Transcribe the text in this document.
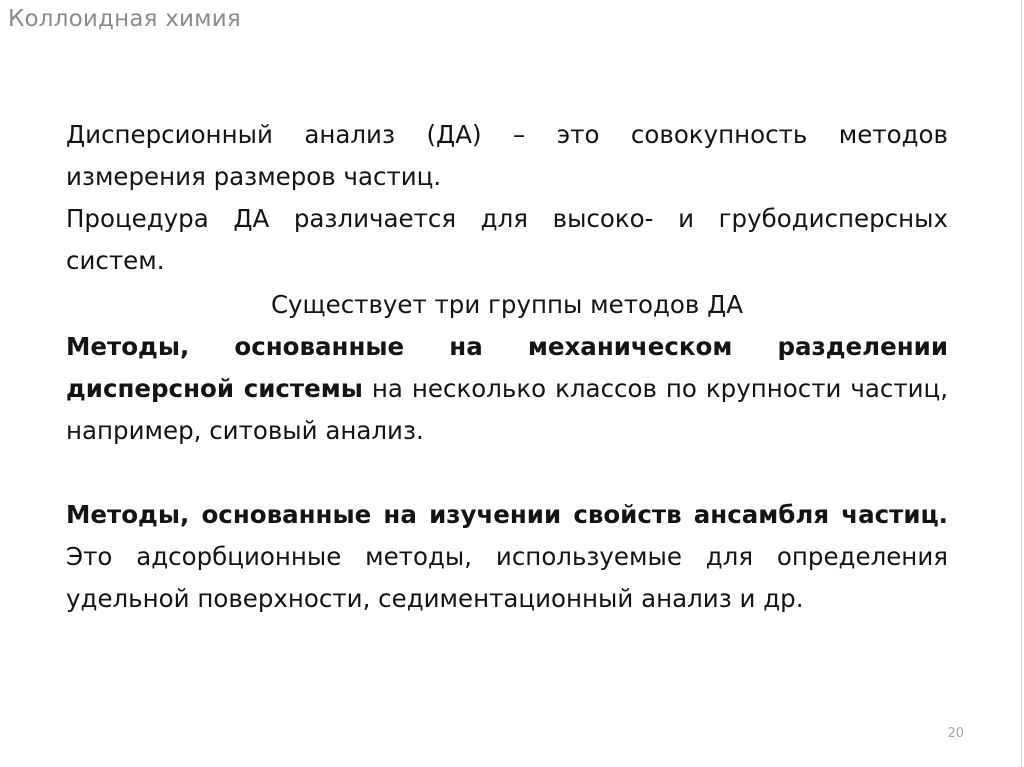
Коллоидная химия

Дисперсионный анализ (ДА) – это совокупность методов измерения размеров частиц.

Процедура ДА различается для высоко- и грубодисперсных систем.

Существует три группы методов ДА

Методы, основанные на механическом разделении дисперсной системы на несколько классов по крупности частиц, например, ситовый анализ.

Методы, основанные на изучении свойств ансамбля частиц. Это адсорбционные методы, используемые для определения удельной поверхности, седиментационный анализ и др.

20
